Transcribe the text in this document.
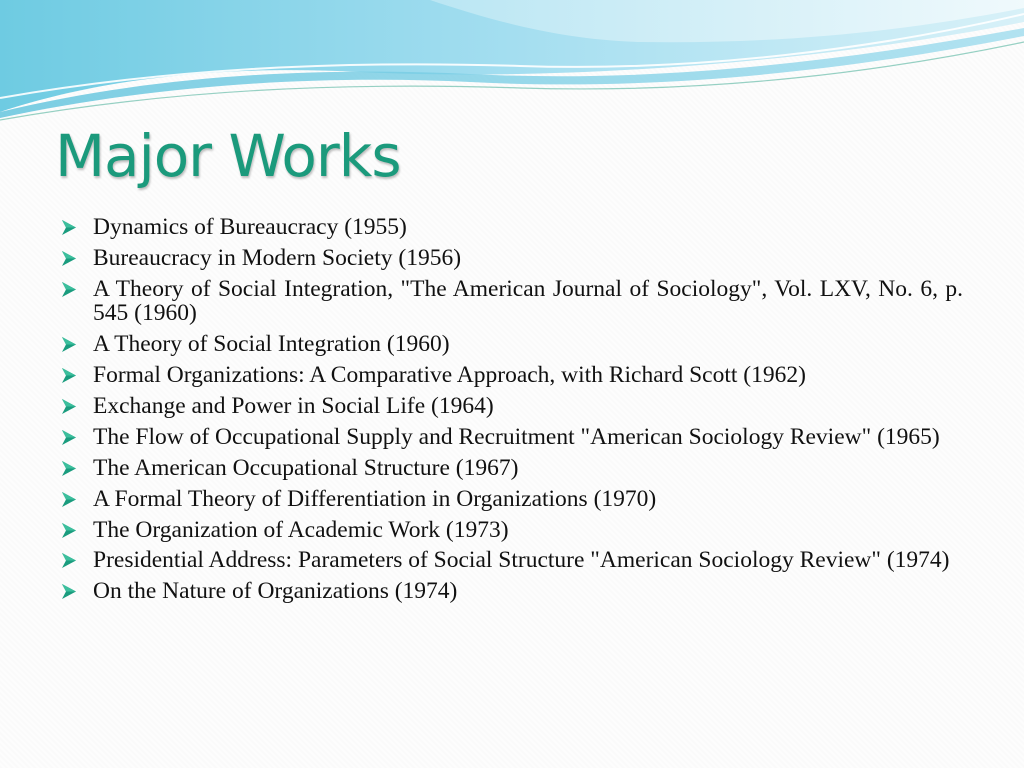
Major Works
Dynamics of Bureaucracy (1955)
Bureaucracy in Modern Society (1956)
A Theory of Social Integration, "The American Journal of Sociology", Vol. LXV, No. 6, p. 545 (1960)
A Theory of Social Integration (1960)
Formal Organizations: A Comparative Approach, with Richard Scott (1962)
Exchange and Power in Social Life (1964)
The Flow of Occupational Supply and Recruitment "American Sociology Review" (1965)
The American Occupational Structure (1967)
A Formal Theory of Differentiation in Organizations (1970)
The Organization of Academic Work (1973)
Presidential Address: Parameters of Social Structure "American Sociology Review" (1974)
On the Nature of Organizations (1974)
